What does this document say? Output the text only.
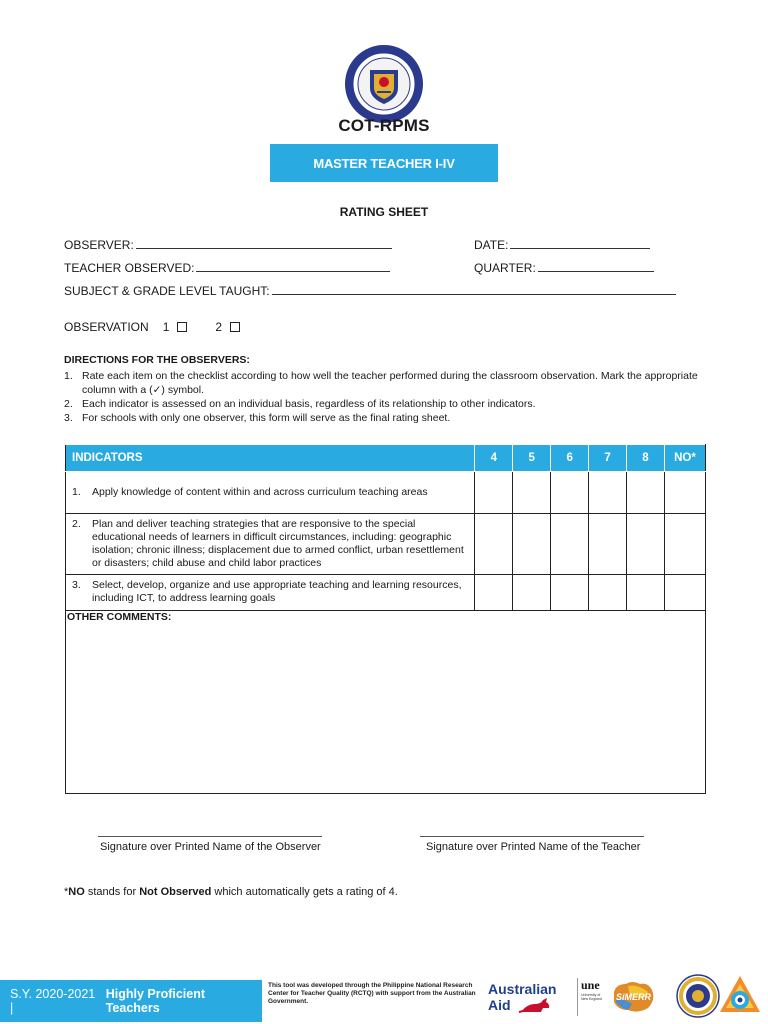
COT-RPMS
MASTER TEACHER I-IV
RATING SHEET
OBSERVER:	DATE:
TEACHER OBSERVED:	QUARTER:
SUBJECT & GRADE LEVEL TAUGHT:
OBSERVATION 1	2
DIRECTIONS FOR THE OBSERVERS:
1. Rate each item on the checklist according to how well the teacher performed during the classroom observation. Mark the appropriate column with a (✓) symbol.
2. Each indicator is assessed on an individual basis, regardless of its relationship to other indicators.
3. For schools with only one observer, this form will serve as the final rating sheet.
INDICATORS	4	5	6	7	8	NO*

1. Apply knowledge of content within and across curriculum teaching areas						

2. Plan and deliver teaching strategies that are responsive to the special educational needs of learners in difficult circumstances, including: geographic isolation; chronic illness; displacement due to armed conflict, urban resettlement or disasters; child abuse and child labor practices						

3. Select, develop, organize and use appropriate teaching and learning resources, including ICT, to address learning goals						

OTHER COMMENTS:
Signature over Printed Name of the Observer	Signature over Printed Name of the Teacher
*NO stands for Not Observed which automatically gets a rating of 4.
S.Y. 2020-2021 |
Highly Proficient Teachers
This tool was developed through the Philippine National Research Center for Teacher Quality (RCTQ) with support from the Australian Government.
Australian
Aid
une
University of New England SiMERR
